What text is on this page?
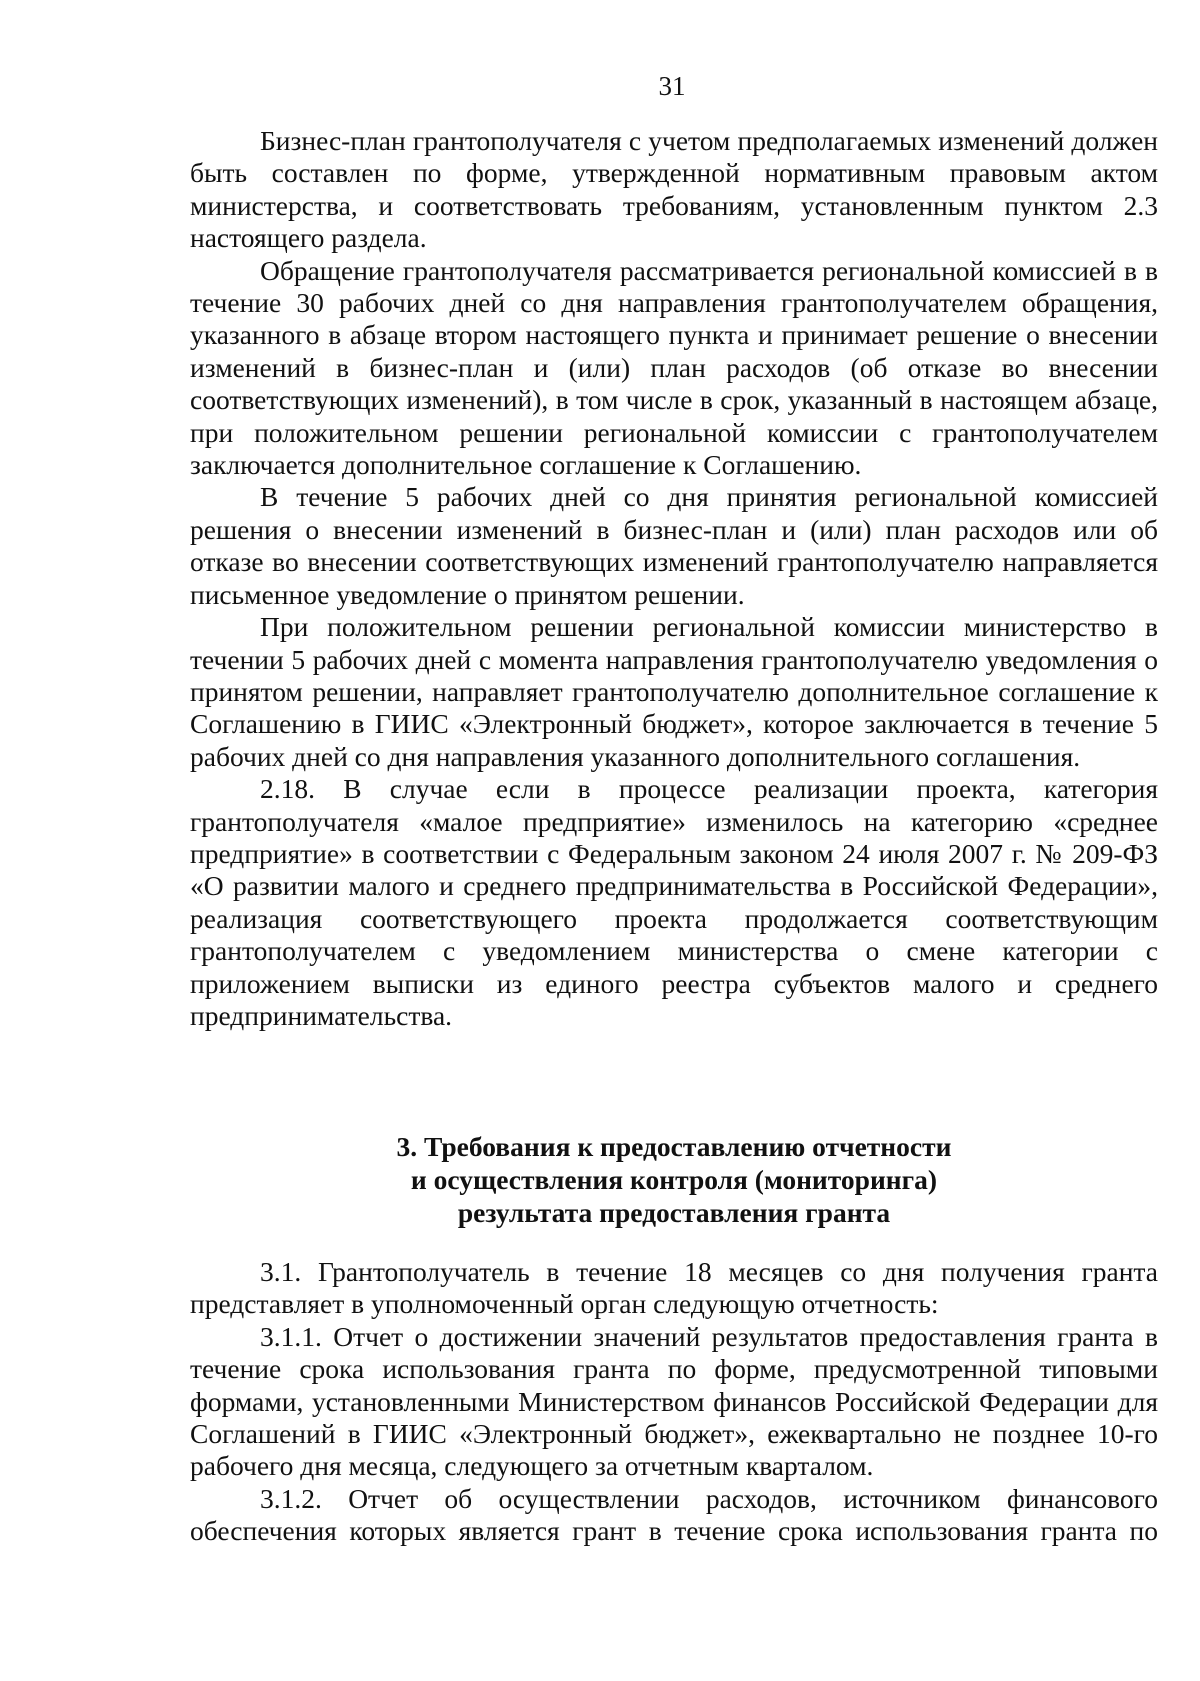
31

Бизнес-план грантополучателя с учетом предполагаемых изменений должен быть составлен по форме, утвержденной нормативным правовым актом министерства, и соответствовать требованиям, установленным пунктом 2.3 настоящего раздела.

Обращение грантополучателя рассматривается региональной комиссией в в течение 30 рабочих дней со дня направления грантополучателем обращения, указанного в абзаце втором настоящего пункта и принимает решение о внесении изменений в бизнес-план и (или) план расходов (об отказе во внесении соответствующих изменений), в том числе в срок, указанный в настоящем абзаце, при положительном решении региональной комиссии с грантополучателем заключается дополнительное соглашение к Соглашению.

В течение 5 рабочих дней со дня принятия региональной комиссией решения о внесении изменений в бизнес-план и (или) план расходов или об отказе во внесении соответствующих изменений грантополучателю направляется письменное уведомление о принятом решении.

При положительном решении региональной комиссии министерство в течении 5 рабочих дней с момента направления грантополучателю уведомления о принятом решении, направляет грантополучателю дополнительное соглашение к Соглашению в ГИИС «Электронный бюджет», которое заключается в течение 5 рабочих дней со дня направления указанного дополнительного соглашения.

2.18. В случае если в процессе реализации проекта, категория грантополучателя «малое предприятие» изменилось на категорию «среднее предприятие» в соответствии с Федеральным законом 24 июля 2007 г. № 209-ФЗ «О развитии малого и среднего предпринимательства в Российской Федерации», реализация соответствующего проекта продолжается соответствующим грантополучателем с уведомлением министерства о смене категории с приложением выписки из единого реестра субъектов малого и среднего предпринимательства.

3. Требования к предоставлению отчетности
и осуществления контроля (мониторинга)
результата предоставления гранта

3.1. Грантополучатель в течение 18 месяцев со дня получения гранта представляет в уполномоченный орган следующую отчетность:

3.1.1. Отчет о достижении значений результатов предоставления гранта в течение срока использования гранта по форме, предусмотренной типовыми формами, установленными Министерством финансов Российской Федерации для Соглашений в ГИИС «Электронный бюджет», ежеквартально не позднее 10-го рабочего дня месяца, следующего за отчетным кварталом.

3.1.2. Отчет об осуществлении расходов, источником финансового обеспечения которых является грант в течение срока использования гранта по
